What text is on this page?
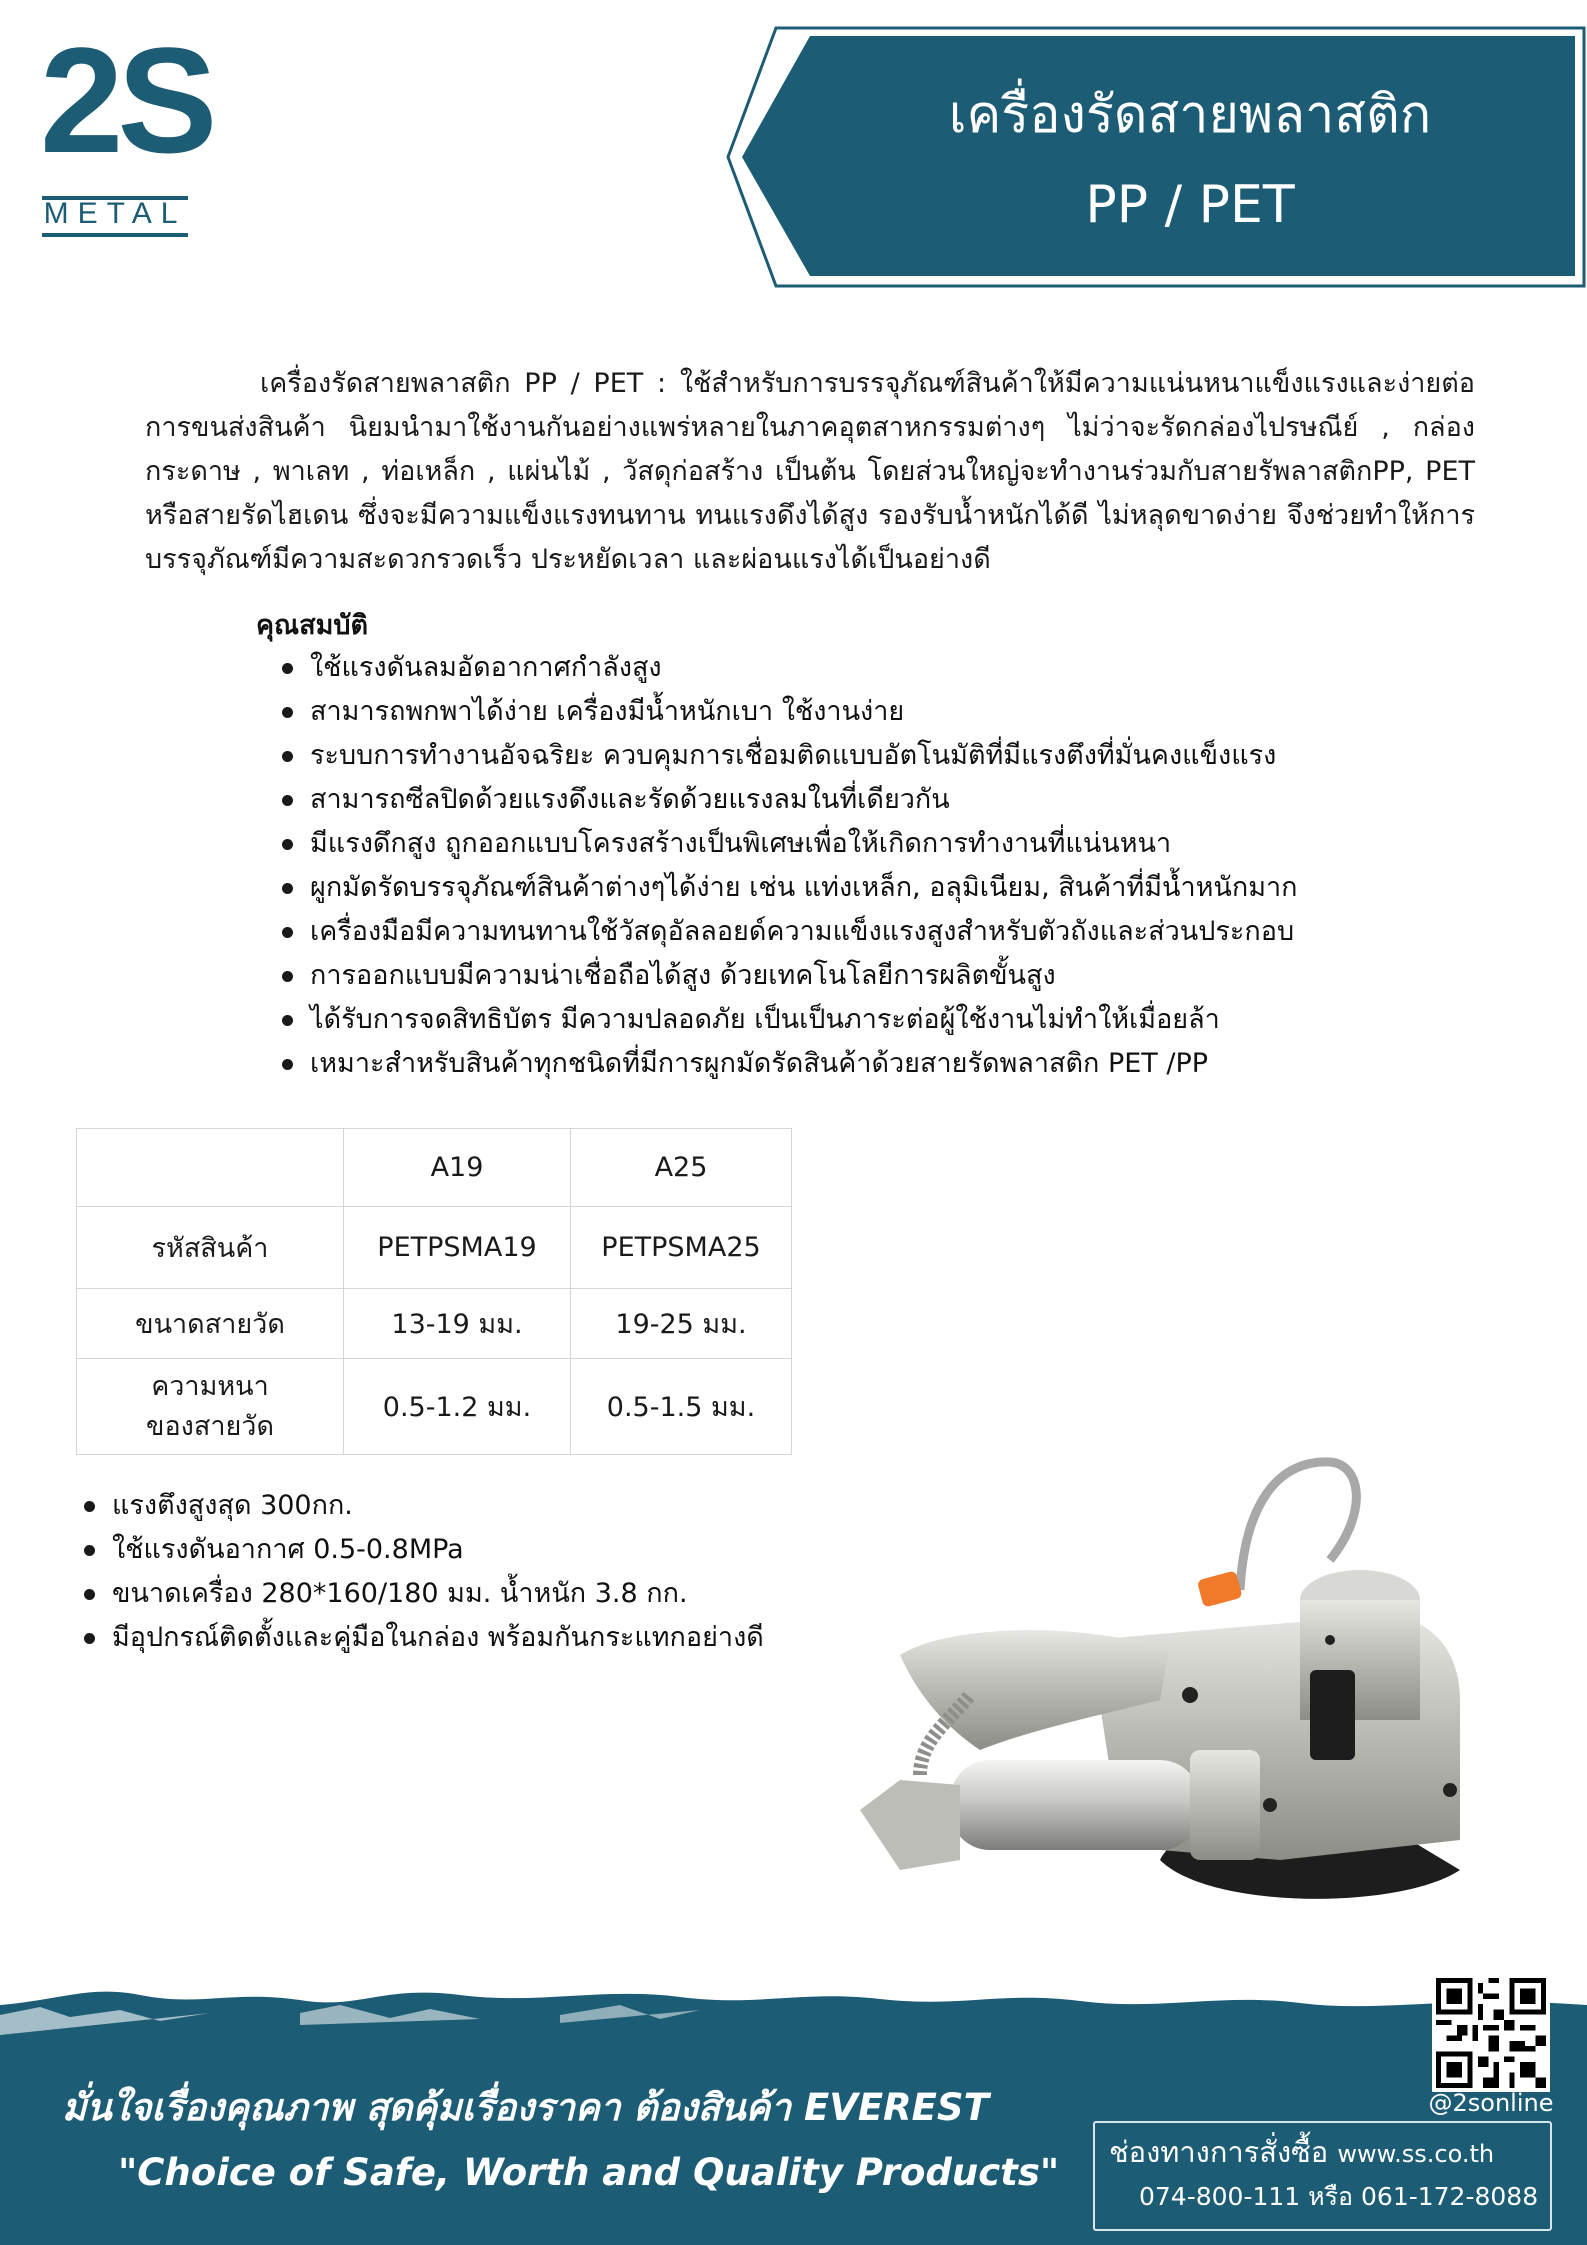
2S
METAL
เครื่องรัดสายพลาสติก
PP / PET
เครื่องรัดสายพลาสติก PP / PET : ใช้สำหรับการบรรจุภัณฑ์สินค้าให้มีความแน่นหนาแข็งแรงและง่ายต่อการขนส่งสินค้า นิยมนำมาใช้งานกันอย่างแพร่หลายในภาคอุตสาหกรรมต่างๆ ไม่ว่าจะรัดกล่องไปรษณีย์ , กล่องกระดาษ , พาเลท , ท่อเหล็ก , แผ่นไม้ , วัสดุก่อสร้าง เป็นต้น โดยส่วนใหญ่จะทำงานร่วมกับสายรัพลาสติกPP, PET หรือสายรัดไฮเดน ซึ่งจะมีความแข็งแรงทนทาน ทนแรงดึงได้สูง รองรับน้ำหนักได้ดี ไม่หลุดขาดง่าย จึงช่วยทำให้การบรรจุภัณฑ์มีความสะดวกรวดเร็ว ประหยัดเวลา และผ่อนแรงได้เป็นอย่างดี
คุณสมบัติ
ใช้แรงดันลมอัดอากาศกำลังสูง
สามารถพกพาได้ง่าย เครื่องมีน้ำหนักเบา ใช้งานง่าย
ระบบการทำงานอัจฉริยะ ควบคุมการเชื่อมติดแบบอัตโนมัติที่มีแรงตึงที่มั่นคงแข็งแรง
สามารถซีลปิดด้วยแรงดึงและรัดด้วยแรงลมในที่เดียวกัน
มีแรงดึกสูง ถูกออกแบบโครงสร้างเป็นพิเศษเพื่อให้เกิดการทำงานที่แน่นหนา
ผูกมัดรัดบรรจุภัณฑ์สินค้าต่างๆได้ง่าย เช่น แท่งเหล็ก, อลุมิเนียม, สินค้าที่มีน้ำหนักมาก
เครื่องมือมีความทนทานใช้วัสดุอัลลอยด์ความแข็งแรงสูงสำหรับตัวถังและส่วนประกอบ
การออกแบบมีความน่าเชื่อถือได้สูง ด้วยเทคโนโลยีการผลิตขั้นสูง
ได้รับการจดสิทธิบัตร มีความปลอดภัย เป็นเป็นภาระต่อผู้ใช้งานไม่ทำให้เมื่อยล้า
เหมาะสำหรับสินค้าทุกชนิดที่มีการผูกมัดรัดสินค้าด้วยสายรัดพลาสติก PET /PP
	A19	A25
รหัสสินค้า	PETPSMA19	PETPSMA25
ขนาดสายวัด	13-19 มม.	19-25 มม.

ความหนา
ของสายวัด	0.5-1.2 มม.	0.5-1.5 มม.
แรงตึงสูงสุด 300กก.
ใช้แรงดันอากาศ 0.5-0.8MPa
ขนาดเครื่อง 280*160/180 มม. น้ำหนัก 3.8 กก.
มีอุปกรณ์ติดตั้งและคู่มือในกล่อง พร้อมกันกระแทกอย่างดี
มั่นใจเรื่องคุณภาพ สุดคุ้มเรื่องราคา ต้องสินค้า EVEREST
"Choice of Safe, Worth and Quality Products"
@2sonline
ช่องทางการสั่งซื้อ www.ss.co.th
074-800-111 หรือ 061-172-8088
